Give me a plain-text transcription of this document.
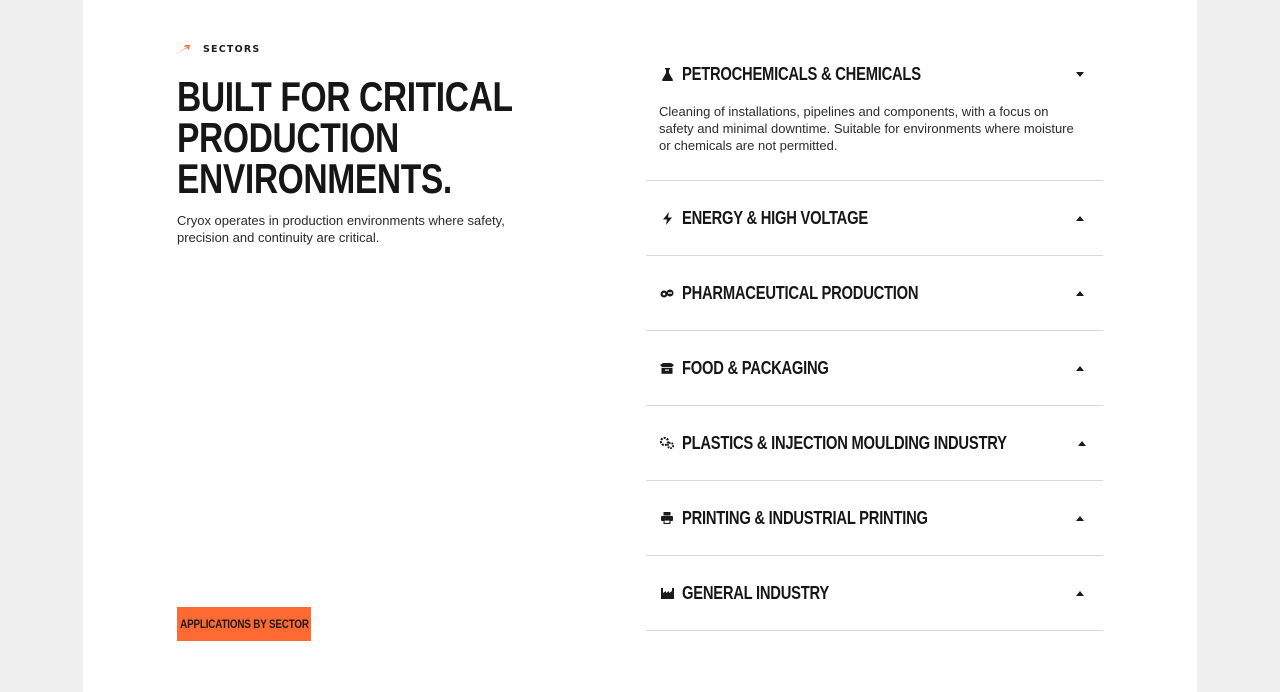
SECTORS
BUILT FOR CRITICAL
PRODUCTION
ENVIRONMENTS.

Cryox operates in production environments where safety, precision and continuity are critical.

APPLICATIONS BY SECTOR
PETROCHEMICALS & CHEMICALS
Cleaning of installations, pipelines and components, with a focus on safety and minimal downtime. Suitable for environments where moisture or chemicals are not permitted.
ENERGY & HIGH VOLTAGE
PHARMACEUTICAL PRODUCTION
FOOD & PACKAGING
PLASTICS & INJECTION MOULDING INDUSTRY
PRINTING & INDUSTRIAL PRINTING
GENERAL INDUSTRY
